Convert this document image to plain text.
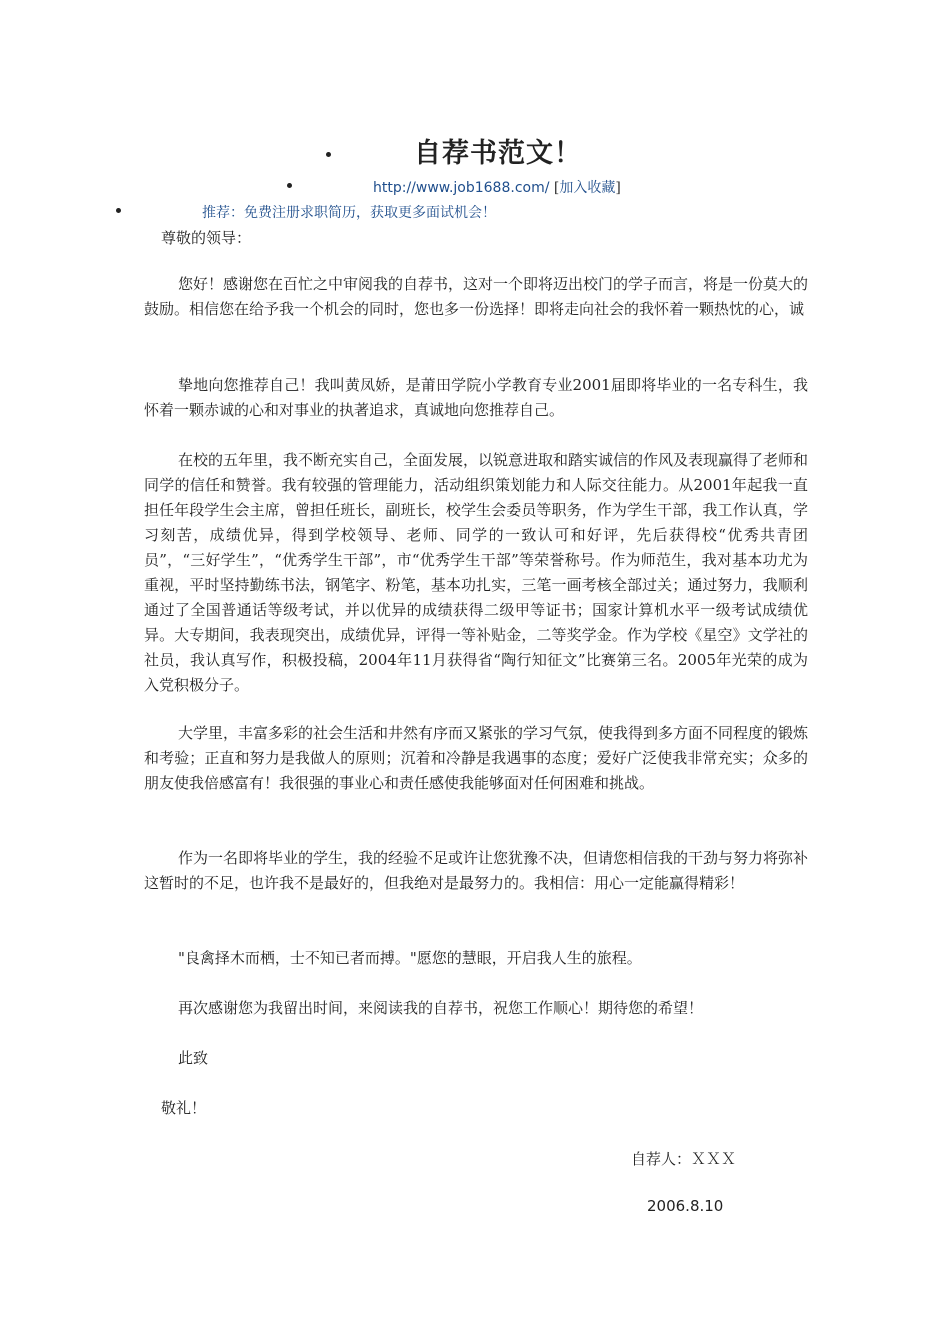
自荐书范文！
http://www.job1688.com/ [加入收藏]
推荐：免费注册求职简历，获取更多面试机会！
尊敬的领导：

您好！感谢您在百忙之中审阅我的自荐书，这对一个即将迈出校门的学子而言，将是一份莫大的鼓励。相信您在给予我一个机会的同时，您也多一份选择！即将走向社会的我怀着一颗热忱的心，诚

挚地向您推荐自己！我叫黄凤娇，是莆田学院小学教育专业2001届即将毕业的一名专科生，我怀着一颗赤诚的心和对事业的执著追求，真诚地向您推荐自己。

在校的五年里，我不断充实自己，全面发展，以锐意进取和踏实诚信的作风及表现赢得了老师和同学的信任和赞誉。我有较强的管理能力，活动组织策划能力和人际交往能力。从2001年起我一直担任年段学生会主席，曾担任班长，副班长，校学生会委员等职务，作为学生干部，我工作认真，学习刻苦，成绩优异，得到学校领导、老师、同学的一致认可和好评，先后获得校“优秀共青团员”，“三好学生”，“优秀学生干部”，市“优秀学生干部”等荣誉称号。作为师范生，我对基本功尤为重视，平时坚持勤练书法，钢笔字、粉笔，基本功扎实，三笔一画考核全部过关；通过努力，我顺利通过了全国普通话等级考试，并以优异的成绩获得二级甲等证书；国家计算机水平一级考试成绩优异。大专期间，我表现突出，成绩优异，评得一等补贴金，二等奖学金。作为学校《星空》文学社的社员，我认真写作，积极投稿，2004年11月获得省“陶行知征文”比赛第三名。2005年光荣的成为入党积极分子。

大学里，丰富多彩的社会生活和井然有序而又紧张的学习气氛，使我得到多方面不同程度的锻炼和考验；正直和努力是我做人的原则；沉着和冷静是我遇事的态度；爱好广泛使我非常充实；众多的朋友使我倍感富有！我很强的事业心和责任感使我能够面对任何困难和挑战。

作为一名即将毕业的学生，我的经验不足或许让您犹豫不决，但请您相信我的干劲与努力将弥补这暂时的不足，也许我不是最好的，但我绝对是最努力的。我相信：用心一定能赢得精彩！

"良禽择木而栖，士不知已者而搏。"愿您的慧眼，开启我人生的旅程。
再次感谢您为我留出时间，来阅读我的自荐书，祝您工作顺心！期待您的希望！
此致
敬礼！
自荐人：ＸＸＸ
2006.8.10
